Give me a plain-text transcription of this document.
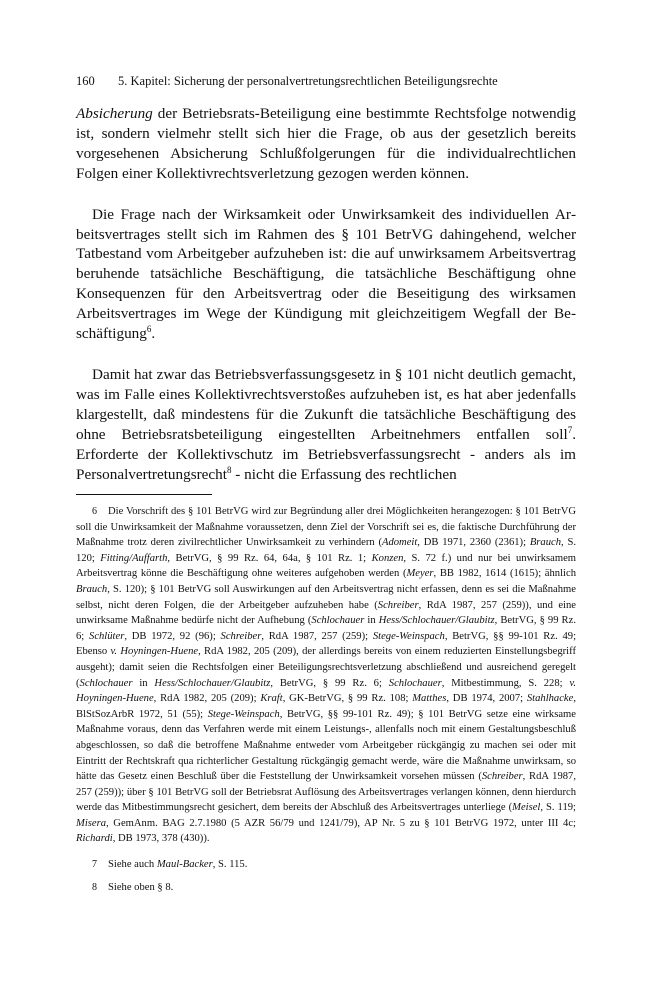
160 5. Kapitel: Sicherung der personalvertretungsrechtlichen Beteiligungsrechte

Absicherung der Betriebsrats-Beteiligung eine bestimmte Rechtsfolge notwendig ist, sondern vielmehr stellt sich hier die Frage, ob aus der gesetzlich bereits vorgesehenen Absicherung Schlußfolgerungen für die individualrechtlichen Folgen einer Kollektivrechtsverletzung gezogen werden können.

Die Frage nach der Wirksamkeit oder Unwirksamkeit des individuellen Arbeitsvertrages stellt sich im Rahmen des § 101 BetrVG dahingehend, welcher Tatbestand vom Arbeitgeber aufzuheben ist: die auf unwirksamem Arbeitsvertrag beruhende tatsächliche Beschäftigung, die tatsächliche Beschäftigung ohne Konsequenzen für den Arbeitsvertrag oder die Beseitigung des wirksamen Arbeitsvertrages im Wege der Kündigung mit gleichzeitigem Wegfall der Beschäftigung$^6$.

Damit hat zwar das Betriebsverfassungsgesetz in § 101 nicht deutlich gemacht, was im Falle eines Kollektivrechtsverstoßes aufzuheben ist, es hat aber jedenfalls klargestellt, daß mindestens für die Zukunft die tatsächliche Beschäftigung des ohne Betriebsratsbeteiligung eingestellten Arbeitnehmers entfallen soll$^7$. Erforderte der Kollektivschutz im Betriebsverfassungsrecht - anders als im Personalvertretungsrecht$^8$ - nicht die Erfassung des rechtlichen

6 Die Vorschrift des § 101 BetrVG wird zur Begründung aller drei Möglichkeiten herangezogen: § 101 BetrVG soll die Unwirksamkeit der Maßnahme voraussetzen, denn Ziel der Vorschrift sei es, die faktische Durchführung der Maßnahme trotz deren zivilrechtlicher Unwirksamkeit zu verhindern (Adomeit, DB 1971, 2360 (2361); Brauch, S. 120; Fitting/Auffarth, BetrVG, § 99 Rz. 64, 64a, § 101 Rz. 1; Konzen, S. 72 f.) und nur bei unwirksamem Arbeitsvertrag könne die Beschäftigung ohne weiteres aufgehoben werden (Meyer, BB 1982, 1614 (1615); ähnlich Brauch, S. 120); § 101 BetrVG soll Auswirkungen auf den Arbeitsvertrag nicht erfassen, denn es sei die Maßnahme selbst, nicht deren Folgen, die der Arbeitgeber aufzuheben habe (Schreiber, RdA 1987, 257 (259)), und eine unwirksame Maßnahme bedürfe nicht der Aufhebung (Schlochauer in Hess/Schlochauer/Glaubitz, BetrVG, § 99 Rz. 6; Schlüter, DB 1972, 92 (96); Schreiber, RdA 1987, 257 (259); Stege-Weinspach, BetrVG, §§ 99-101 Rz. 49; Ebenso v. Hoyningen-Huene, RdA 1982, 205 (209), der allerdings bereits von einem reduzierten Einstellungsbegriff ausgeht); damit seien die Rechtsfolgen einer Beteiligungsrechtsverletzung abschließend und ausreichend geregelt (Schlochauer in Hess/Schlochauer/Glaubitz, BetrVG, § 99 Rz. 6; Schlochauer, Mitbestimmung, S. 228; v. Hoyningen-Huene, RdA 1982, 205 (209); Kraft, GK-BetrVG, § 99 Rz. 108; Matthes, DB 1974, 2007; Stahlhacke, BlStSozArbR 1972, 51 (55); Stege-Weinspach, BetrVG, §§ 99-101 Rz. 49); § 101 BetrVG setze eine wirksame Maßnahme voraus, denn das Verfahren werde mit einem Leistungs-, allenfalls noch mit einem Gestaltungsbeschluß abgeschlossen, so daß die betroffene Maßnahme entweder vom Arbeitgeber rückgängig zu machen sei oder mit Eintritt der Rechtskraft qua richterlicher Gestaltung rückgängig gemacht werde, wäre die Maßnahme unwirksam, so hätte das Gesetz einen Beschluß über die Feststellung der Unwirksamkeit vorsehen müssen (Schreiber, RdA 1987, 257 (259)); über § 101 BetrVG soll der Betriebsrat Auflösung des Arbeitsvertrages verlangen können, denn hierdurch werde das Mitbestimmungsrecht gesichert, dem bereits der Abschluß des Arbeitsvertrages unterliege (Meisel, S. 119; Misera, GemAnm. BAG 2.7.1980 (5 AZR 56/79 und 1241/79), AP Nr. 5 zu § 101 BetrVG 1972, unter III 4c; Richardi, DB 1973, 378 (430)).

7 Siehe auch Maul-Backer, S. 115.

8 Siehe oben § 8.
